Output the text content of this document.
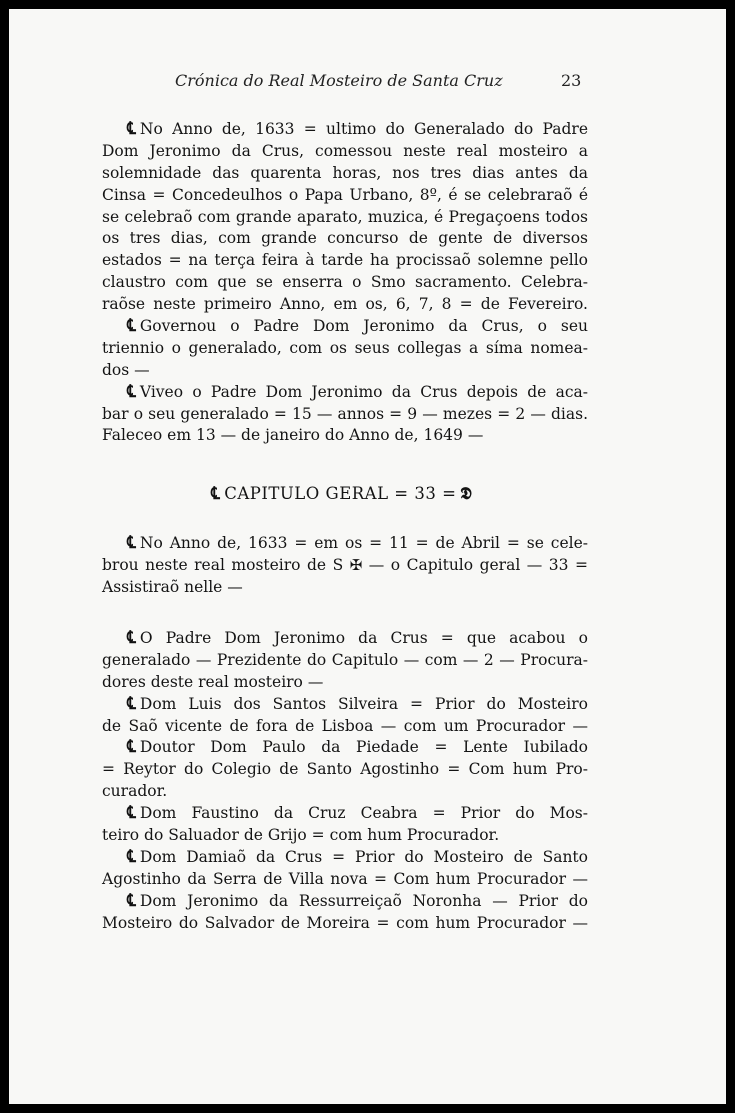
Crónica do Real Mosteiro de Santa Cruz	23
℄ No Anno de, 1633 = ultimo do Generalado do Padre
Dom Jeronimo da Crus, comessou neste real mosteiro a
solemnidade das quarenta horas, nos tres dias antes da
Cinsa = Concedeulhos o Papa Urbano, 8º, é se celebraraõ é
se celebraõ com grande aparato, muzica, é Pregaçoens todos
os tres dias, com grande concurso de gente de diversos
estados = na terça feira à tarde ha procissaõ solemne pello
claustro com que se enserra o Smo sacramento. Celebra-
raõse neste primeiro Anno, em os, 6, 7, 8 = de Fevereiro.
℄ Governou o Padre Dom Jeronimo da Crus, o seu
triennio o generalado, com os seus collegas a síma nomea-
dos —
℄ Viveo o Padre Dom Jeronimo da Crus depois de aca-
bar o seu generalado = 15 — annos = 9 — mezes = 2 — dias.
Faleceo em 13 — de janeiro do Anno de, 1649 —
℄ CAPITULO GERAL = 33 = 𝕯
℄ No Anno de, 1633 = em os = 11 = de Abril = se cele-
brou neste real mosteiro de S ✠ — o Capitulo geral — 33 =
Assistiraõ nelle —
℄ O Padre Dom Jeronimo da Crus = que acabou o
generalado — Prezidente do Capitulo — com — 2 — Procura-
dores deste real mosteiro —
℄ Dom Luis dos Santos Silveira = Prior do Mosteiro
de Saõ vicente de fora de Lisboa — com um Procurador —
℄ Doutor Dom Paulo da Piedade = Lente Iubilado
= Reytor do Colegio de Santo Agostinho = Com hum Pro-
curador.
℄ Dom Faustino da Cruz Ceabra = Prior do Mos-
teiro do Saluador de Grijo = com hum Procurador.
℄ Dom Damiaõ da Crus = Prior do Mosteiro de Santo
Agostinho da Serra de Villa nova = Com hum Procurador —
℄ Dom Jeronimo da Ressurreiçaõ Noronha — Prior do
Mosteiro do Salvador de Moreira = com hum Procurador —
